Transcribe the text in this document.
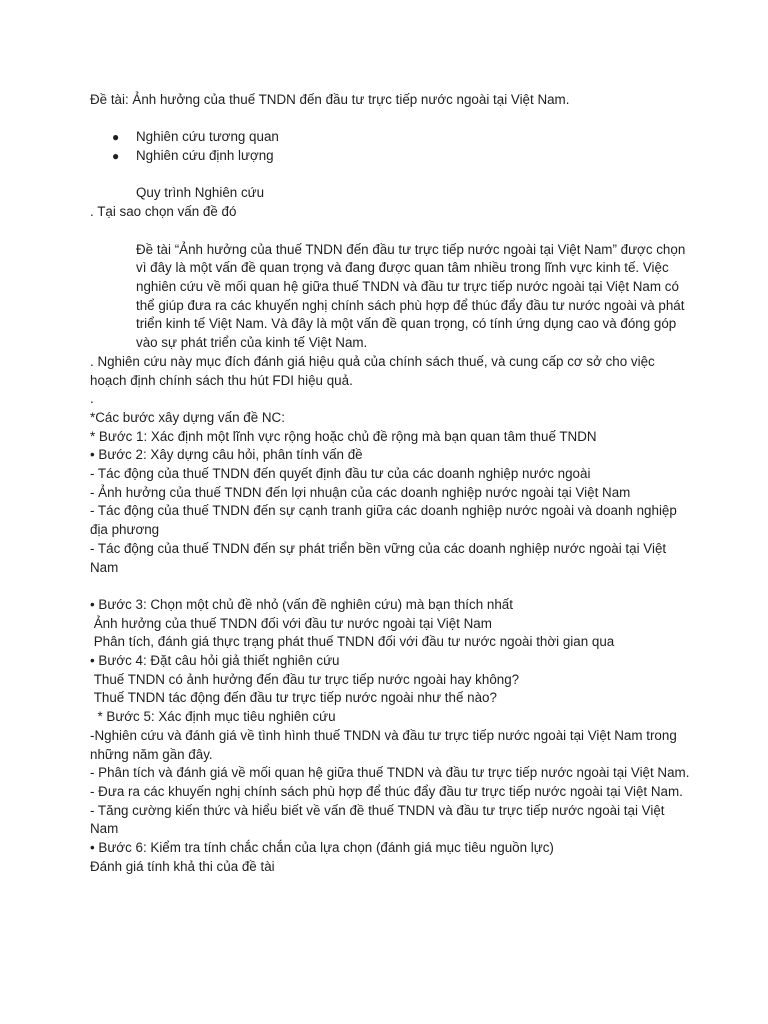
Đề tài: Ảnh hưởng của thuế TNDN đến đầu tư trực tiếp nước ngoài tại Việt Nam.
● Nghiên cứu tương quan
● Nghiên cứu định lượng
Quy trình Nghiên cứu
. Tại sao chọn vấn đề đó
Đề tài “Ảnh hưởng của thuế TNDN đến đầu tư trực tiếp nước ngoài tại Việt Nam” được chọn vì đây là một vấn đề quan trọng và đang được quan tâm nhiều trong lĩnh vực kinh tế. Việc nghiên cứu về mối quan hệ giữa thuế TNDN và đầu tư trực tiếp nước ngoài tại Việt Nam có thể giúp đưa ra các khuyến nghị chính sách phù hợp để thúc đẩy đầu tư nước ngoài và phát triển kinh tế Việt Nam. Và đây là một vấn đề quan trọng, có tính ứng dụng cao và đóng góp vào sự phát triển của kinh tế Việt Nam.
. Nghiên cứu này mục đích đánh giá hiệu quả của chính sách thuế, và cung cấp cơ sở cho việc hoạch định chính sách thu hút FDI hiệu quả.
.
*Các bước xây dựng vấn đề NC:
* Bước 1: Xác định một lĩnh vực rộng hoặc chủ đề rộng mà bạn quan tâm thuế TNDN
• Bước 2: Xây dựng câu hỏi, phân tính vấn đề
- Tác động của thuế TNDN đến quyết định đầu tư của các doanh nghiệp nước ngoài
- Ảnh hưởng của thuế TNDN đến lợi nhuận của các doanh nghiệp nước ngoài tại Việt Nam
- Tác động của thuế TNDN đến sự cạnh tranh giữa các doanh nghiệp nước ngoài và doanh nghiệp địa phương
- Tác động của thuế TNDN đến sự phát triển bền vững của các doanh nghiệp nước ngoài tại Việt Nam
• Bước 3: Chọn một chủ đề nhỏ (vấn đề nghiên cứu) mà bạn thích nhất
Ảnh hưởng của thuế TNDN đối với đầu tư nước ngoài tại Việt Nam
Phân tích, đánh giá thực trạng phát thuế TNDN đối với đầu tư nước ngoài thời gian qua
• Bước 4: Đặt câu hỏi giả thiết nghiên cứu
Thuế TNDN có ảnh hưởng đến đầu tư trực tiếp nước ngoài hay không?
Thuế TNDN tác động đến đầu tư trực tiếp nước ngoài như thế nào?
* Bước 5: Xác định mục tiêu nghiên cứu
-Nghiên cứu và đánh giá về tình hình thuế TNDN và đầu tư trực tiếp nước ngoài tại Việt Nam trong những năm gần đây.
- Phân tích và đánh giá về mối quan hệ giữa thuế TNDN và đầu tư trực tiếp nước ngoài tại Việt Nam.
- Đưa ra các khuyến nghị chính sách phù hợp để thúc đẩy đầu tư trực tiếp nước ngoài tại Việt Nam.
- Tăng cường kiến thức và hiểu biết về vấn đề thuế TNDN và đầu tư trực tiếp nước ngoài tại Việt Nam
• Bước 6: Kiểm tra tính chắc chắn của lựa chọn (đánh giá mục tiêu nguồn lực)
Đánh giá tính khả thi của đề tài
